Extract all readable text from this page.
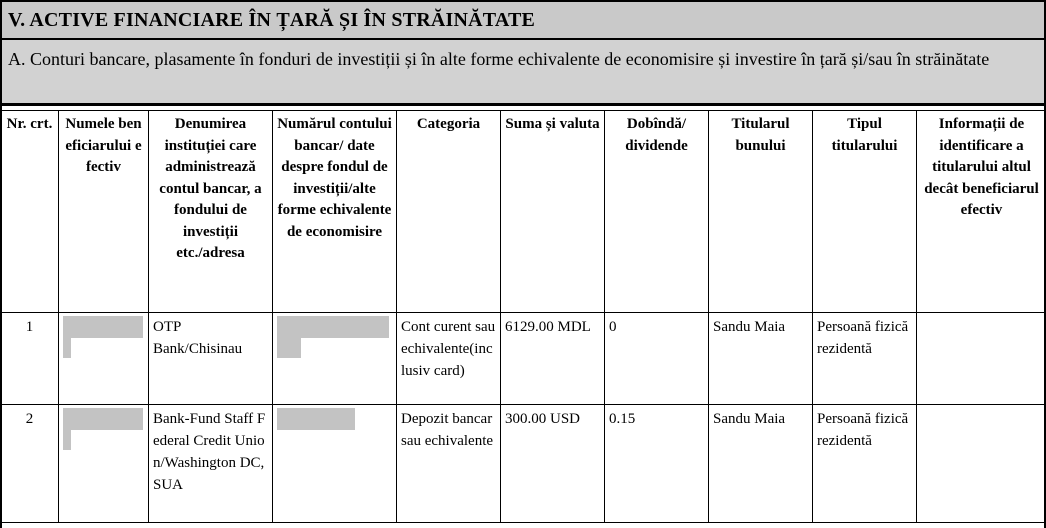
V. ACTIVE FINANCIARE ÎN ȚARĂ ȘI ÎN STRĂINĂTATE
A. Conturi bancare, plasamente în fonduri de investiții și în alte forme echivalente de economisire și investire în țară și/sau în străinătate
Nr. crt.	Numele beneficiarului efectiv	Denumirea instituției care administrează contul bancar, a fondului de investiții etc./adresa	Numărul contului bancar/ date despre fondul de investiții/alte forme echivalente de economisire	Categoria	Suma și valuta	Dobîndă/ dividende	Titularul bunului	Tipul titularului	Informații de identificare a titularului altul decât beneficiarul efectiv
1		OTP Bank/Chisinau		Cont curent sau echivalente(inclusiv card)	6129.00 MDL	0	Sandu Maia	Persoană fizică rezidentă	
2		Bank-Fund Staff Federal Credit Union/Washington DC, SUA		Depozit bancar sau echivalente	300.00 USD	0.15	Sandu Maia	Persoană fizică rezidentă	
